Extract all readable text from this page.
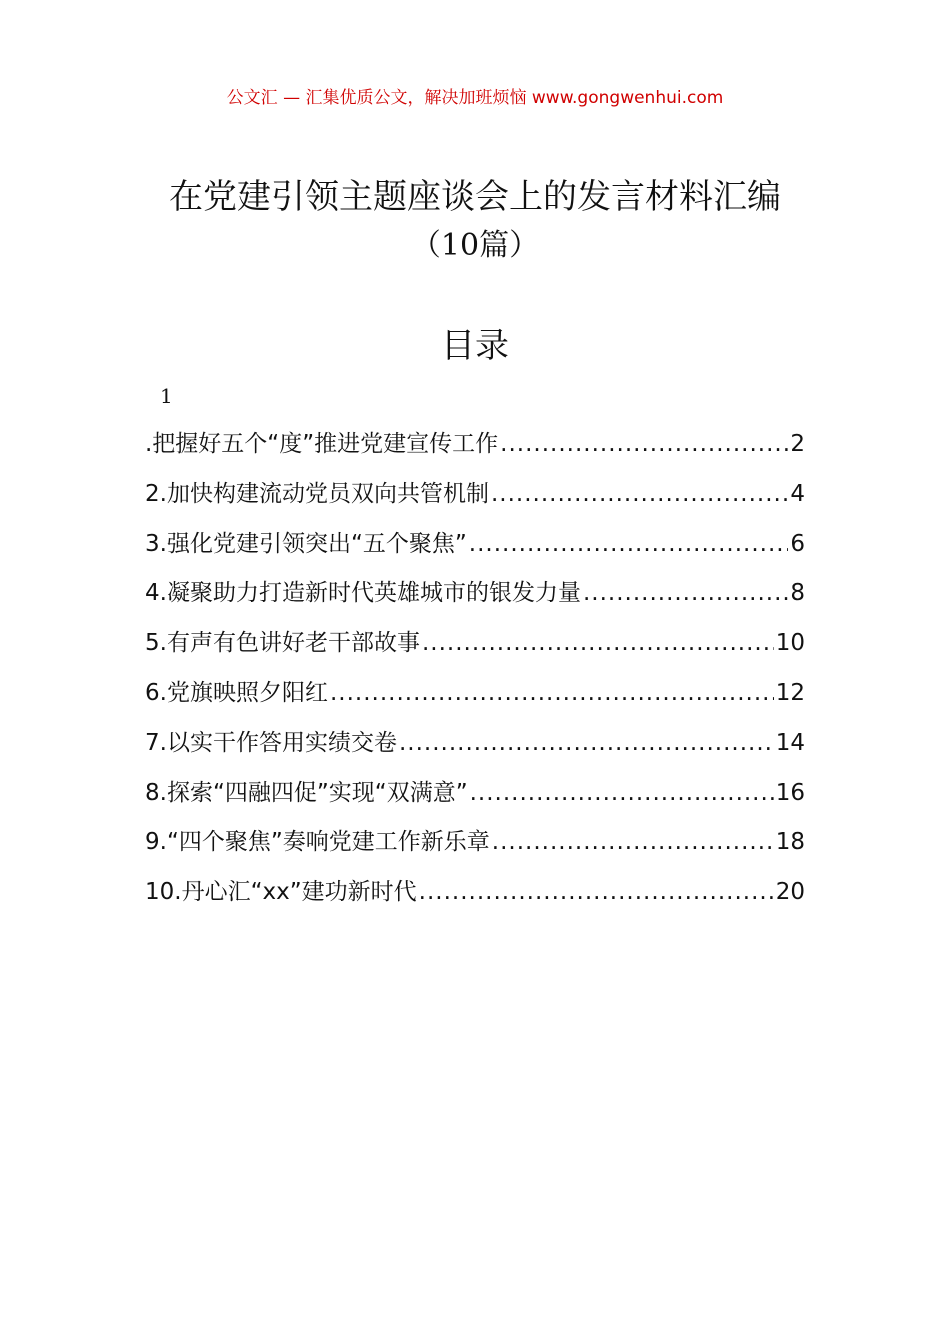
公文汇 — 汇集优质公文，解决加班烦恼 www.gongwenhui.com
在党建引领主题座谈会上的发言材料汇编
（10篇）
目录
1
.把握好五个“度”推进党建宣传工作 .....	2
2.加快构建流动党员双向共管机制 .....	4
3.强化党建引领突出“五个聚焦” .....	6
4.凝聚助力打造新时代英雄城市的银发力量 .....	8
5.有声有色讲好老干部故事 .....	10
6.党旗映照夕阳红 .....	12
7.以实干作答用实绩交卷 .....	14
8.探索“四融四促”实现“双满意” .....	16
9.“四个聚焦”奏响党建工作新乐章 .....	18
10.丹心汇“xx”建功新时代 .....	20
